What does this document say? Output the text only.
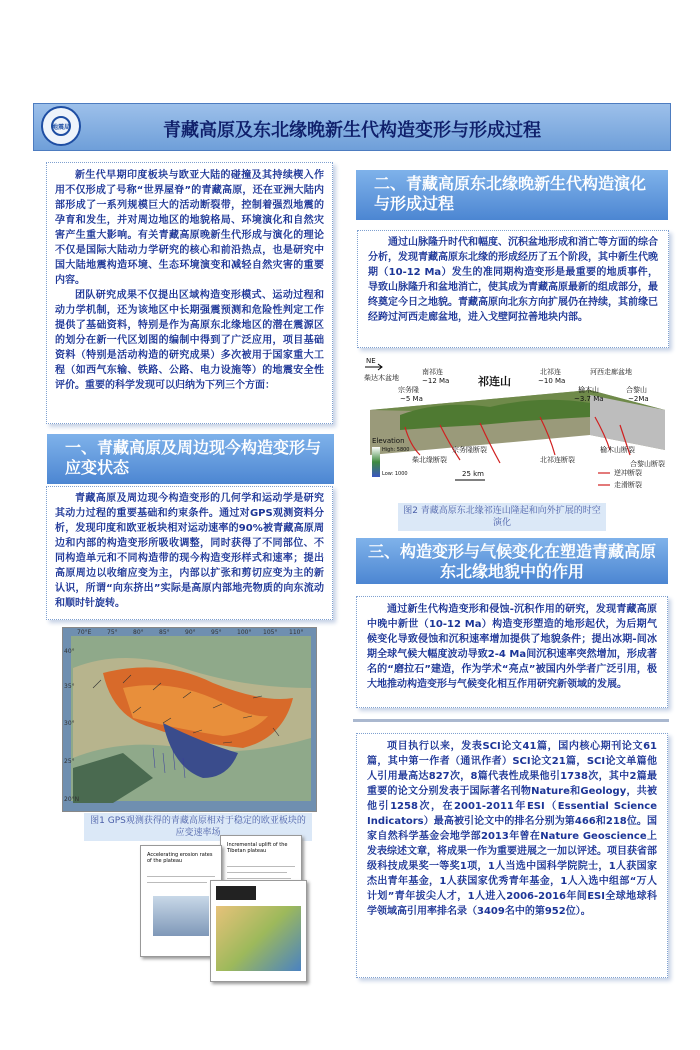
青藏高原及东北缘晚新生代构造变形与形成过程
地震局

新生代早期印度板块与欧亚大陆的碰撞及其持续楔入作用不仅形成了号称“世界屋脊”的青藏高原，还在亚洲大陆内部形成了一系列规模巨大的活动断裂带，控制着强烈地震的孕育和发生，并对周边地区的地貌格局、环境演化和自然灾害产生重大影响。有关青藏高原晚新生代形成与演化的理论不仅是国际大陆动力学研究的核心和前沿热点，也是研究中国大陆地震构造环境、生态环境演变和减轻自然灾害的重要内容。

团队研究成果不仅提出区域构造变形模式、运动过程和动力学机制，还为该地区中长期强震预测和危险性判定工作提供了基础资料，特别是作为高原东北缘地区的潜在震源区的划分在新一代区划图的编制中得到了广泛应用，项目基础资料（特别是活动构造的研究成果）多次被用于国家重大工程（如西气东输、铁路、公路、电力设施等）的地震安全性评价。重要的科学发现可以归纳为下列三个方面：

一、青藏高原及周边现今构造变形与应变状态

青藏高原及周边现今构造变形的几何学和运动学是研究其动力过程的重要基础和约束条件。通过对GPS观测资料分析，发现印度和欧亚板块相对运动速率的90%被青藏高原周边和内部的构造变形所吸收调整，同时获得了不同部位、不同构造单元和不同构造带的现今构造变形样式和速率；提出高原周边以收缩应变为主，内部以扩张和剪切应变为主的新认识，所谓“向东挤出”实际是高原内部地壳物质的向东流动和顺时针旋转。

70°E	75°	80°	85°	90°	95°	100° 105° 110°
40°
35°
30°
25°
20°N
图1 GPS观测获得的青藏高原相对于稳定的欧亚板块的应变速率场
Incremental uplift of the Tibetan plateau
Accelerating erosion rates of the plateau
二、青藏高原东北缘晚新生代构造演化与形成过程

通过山脉隆升时代和幅度、沉积盆地形成和消亡等方面的综合分析，发现青藏高原东北缘的形成经历了五个阶段，其中新生代晚期（10-12 Ma）发生的准同期构造变形是最重要的地质事件，导致山脉隆升和盆地消亡，使其成为青藏高原最新的组成部分，最终奠定今日之地貌。青藏高原向北东方向扩展仍在持续，其前缘已经跨过河西走廊盆地，进入戈壁阿拉善地块内部。

NE
柴达木盆地
宗务隆
~5 Ma
南祁连
~12 Ma	祁连山
北祁连
~10 Ma
河西走廊盆地
榆木山
~3.7 Ma
合黎山
~2Ma
柴北缘断裂
宗务隆断裂
北祁连断裂
榆木山断裂
合黎山断裂
Elevation
High: 5800
Low: 1000	25 km	逆冲断裂
走滑断裂
图2 青藏高原东北缘祁连山隆起和向外扩展的时空演化
三、构造变形与气候变化在塑造青藏高原东北缘地貌中的作用

通过新生代构造变形和侵蚀-沉积作用的研究，发现青藏高原中晚中新世（10-12 Ma）构造变形塑造的地形起伏，为后期气候变化导致侵蚀和沉积速率增加提供了地貌条件；提出冰期-间冰期全球气候大幅度波动导致2-4 Ma间沉积速率突然增加，形成著名的“磨拉石”建造，作为学术“亮点”被国内外学者广泛引用，极大地推动构造变形与气候变化相互作用研究新领域的发展。

项目执行以来，发表SCI论文41篇，国内核心期刊论文61篇，其中第一作者（通讯作者）SCI论文21篇，SCI论文单篇他人引用最高达827次，8篇代表性成果他引1738次，其中2篇最重要的论文分别发表于国际著名刊物Nature和Geology，共被他引1258次，在2001-2011年ESI（Essential Science Indicators）最高被引论文中的排名分别为第466和218位。国家自然科学基金会地学部2013年曾在Nature Geoscience上发表综述文章，将成果一作为重要进展之一加以评述。项目获省部级科技成果奖一等奖1项，1人当选中国科学院院士，1人获国家杰出青年基金，1人获国家优秀青年基金，1人入选中组部“万人计划”青年拔尖人才，1人进入2006-2016年间ESI全球地球科学领域高引用率排名录（3409名中的第952位）。
